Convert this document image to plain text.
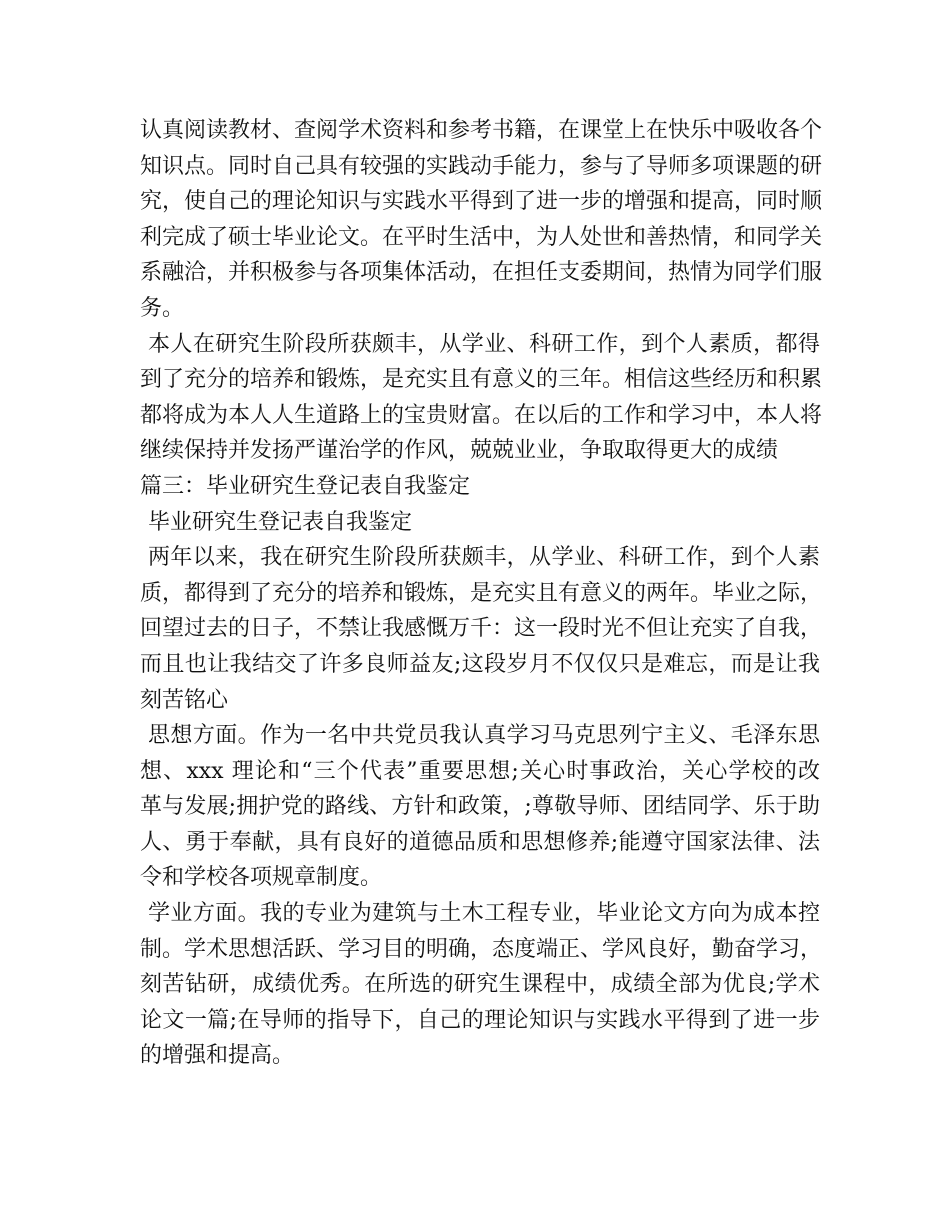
认真阅读教材、查阅学术资料和参考书籍，在课堂上在快乐中吸收各个
知识点。同时自己具有较强的实践动手能力，参与了导师多项课题的研
究，使自己的理论知识与实践水平得到了进一步的增强和提高，同时顺
利完成了硕士毕业论文。在平时生活中，为人处世和善热情，和同学关
系融洽，并积极参与各项集体活动，在担任支委期间，热情为同学们服
务。
本人在研究生阶段所获颇丰，从学业、科研工作，到个人素质，都得
到了充分的培养和锻炼，是充实且有意义的三年。相信这些经历和积累
都将成为本人人生道路上的宝贵财富。在以后的工作和学习中，本人将
继续保持并发扬严谨治学的作风，兢兢业业，争取取得更大的成绩
篇三：毕业研究生登记表自我鉴定
毕业研究生登记表自我鉴定
两年以来，我在研究生阶段所获颇丰，从学业、科研工作，到个人素
质，都得到了充分的培养和锻炼，是充实且有意义的两年。毕业之际，
回望过去的日子，不禁让我感慨万千：这一段时光不但让充实了自我，
而且也让我结交了许多良师益友;这段岁月不仅仅只是难忘，而是让我
刻苦铭心
思想方面。作为一名中共党员我认真学习马克思列宁主义、毛泽东思
想、xxx 理论和“三个代表”重要思想;关心时事政治，关心学校的改
革与发展;拥护党的路线、方针和政策，;尊敬导师、团结同学、乐于助
人、勇于奉献，具有良好的道德品质和思想修养;能遵守国家法律、法
令和学校各项规章制度。
学业方面。我的专业为建筑与土木工程专业，毕业论文方向为成本控
制。学术思想活跃、学习目的明确，态度端正、学风良好，勤奋学习，
刻苦钻研，成绩优秀。在所选的研究生课程中，成绩全部为优良;学术
论文一篇;在导师的指导下，自己的理论知识与实践水平得到了进一步
的增强和提高。
